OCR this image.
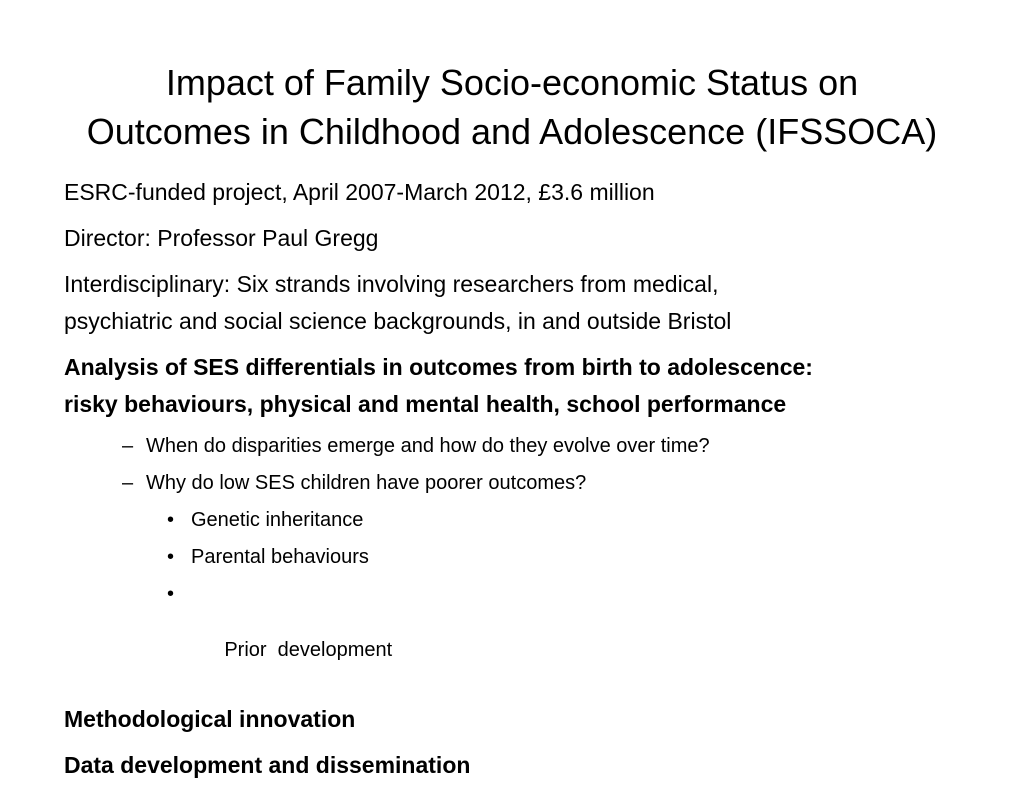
Impact of Family Socio-economic Status on
Outcomes in Childhood and Adolescence (IFSSOCA)

ESRC-funded project, April 2007-March 2012, £3.6 million

Director: Professor Paul Gregg

Interdisciplinary: Six strands involving researchers from medical,
psychiatric and social science backgrounds, in and outside Bristol

Analysis of SES differentials in outcomes from birth to adolescence:
risky behaviours, physical and mental health, school performance

– When do disparities emerge and how do they evolve over time?

– Why do low SES children have poorer outcomes?

• Genetic inheritance

• Parental behaviours

•

Prior  development

Methodological innovation

Data development and dissemination
